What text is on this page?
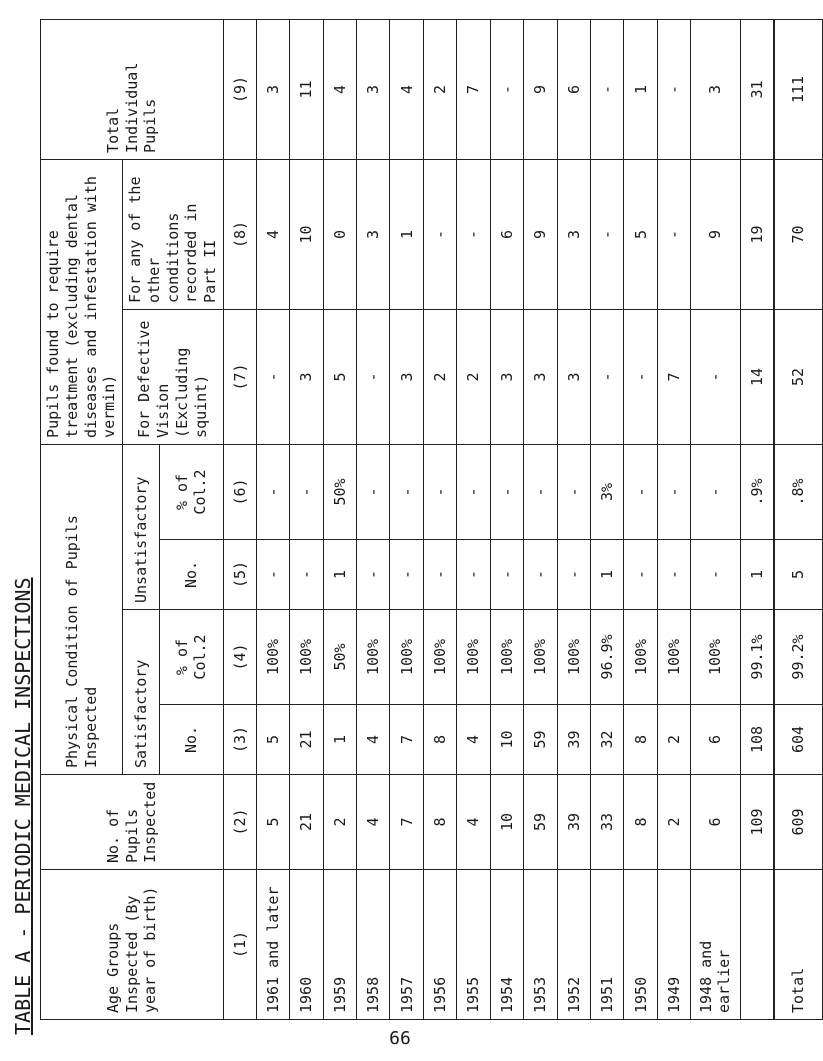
TABLE A - PERIODIC MEDICAL INSPECTIONS	Age Groups Inspected (By year of birth)	No. of Pupils Inspected	Physical Condition of Pupils Inspected				Pupils found to require treatment (excluding dental diseases and infestation with vermin)		Total Individual Pupils
		Satisfactory		Unsatisfactory		For Defective Vision (Excluding squint)	For any of the other conditions recorded in Part II	
		No.	% of Col.2	No.	% of Col.2			
(1)	(2)	(3)	(4)	(5)	(6)	(7)	(8)	(9)
1961 and later	5	5	100%	-	-	-	4	3
1960	21	21	100%	-	-	3	10	11
1959	2	1	50%	1	50%	5	0	4
1958	4	4	100%	-	-	-	3	3
1957	7	7	100%	-	-	3	1	4
1956	8	8	100%	-	-	2	-	2
1955	4	4	100%	-	-	2	-	7
1954	10	10	100%	-	-	3	6	-
1953	59	59	100%	-	-	3	9	9
1952	39	39	100%	-	-	3	3	6
1951	33	32	96.9%	1	3%	-	-	-
1950	8	8	100%	-	-	-	5	1
1949	2	2	100%	-	-	7	-	-
1948 and earlier	6	6	100%	-	-	-	9	3
	109	108	99.1%	1	.9%	14	19	31
Total	609	604	99.2%	5	.8%	52	70	111
66
